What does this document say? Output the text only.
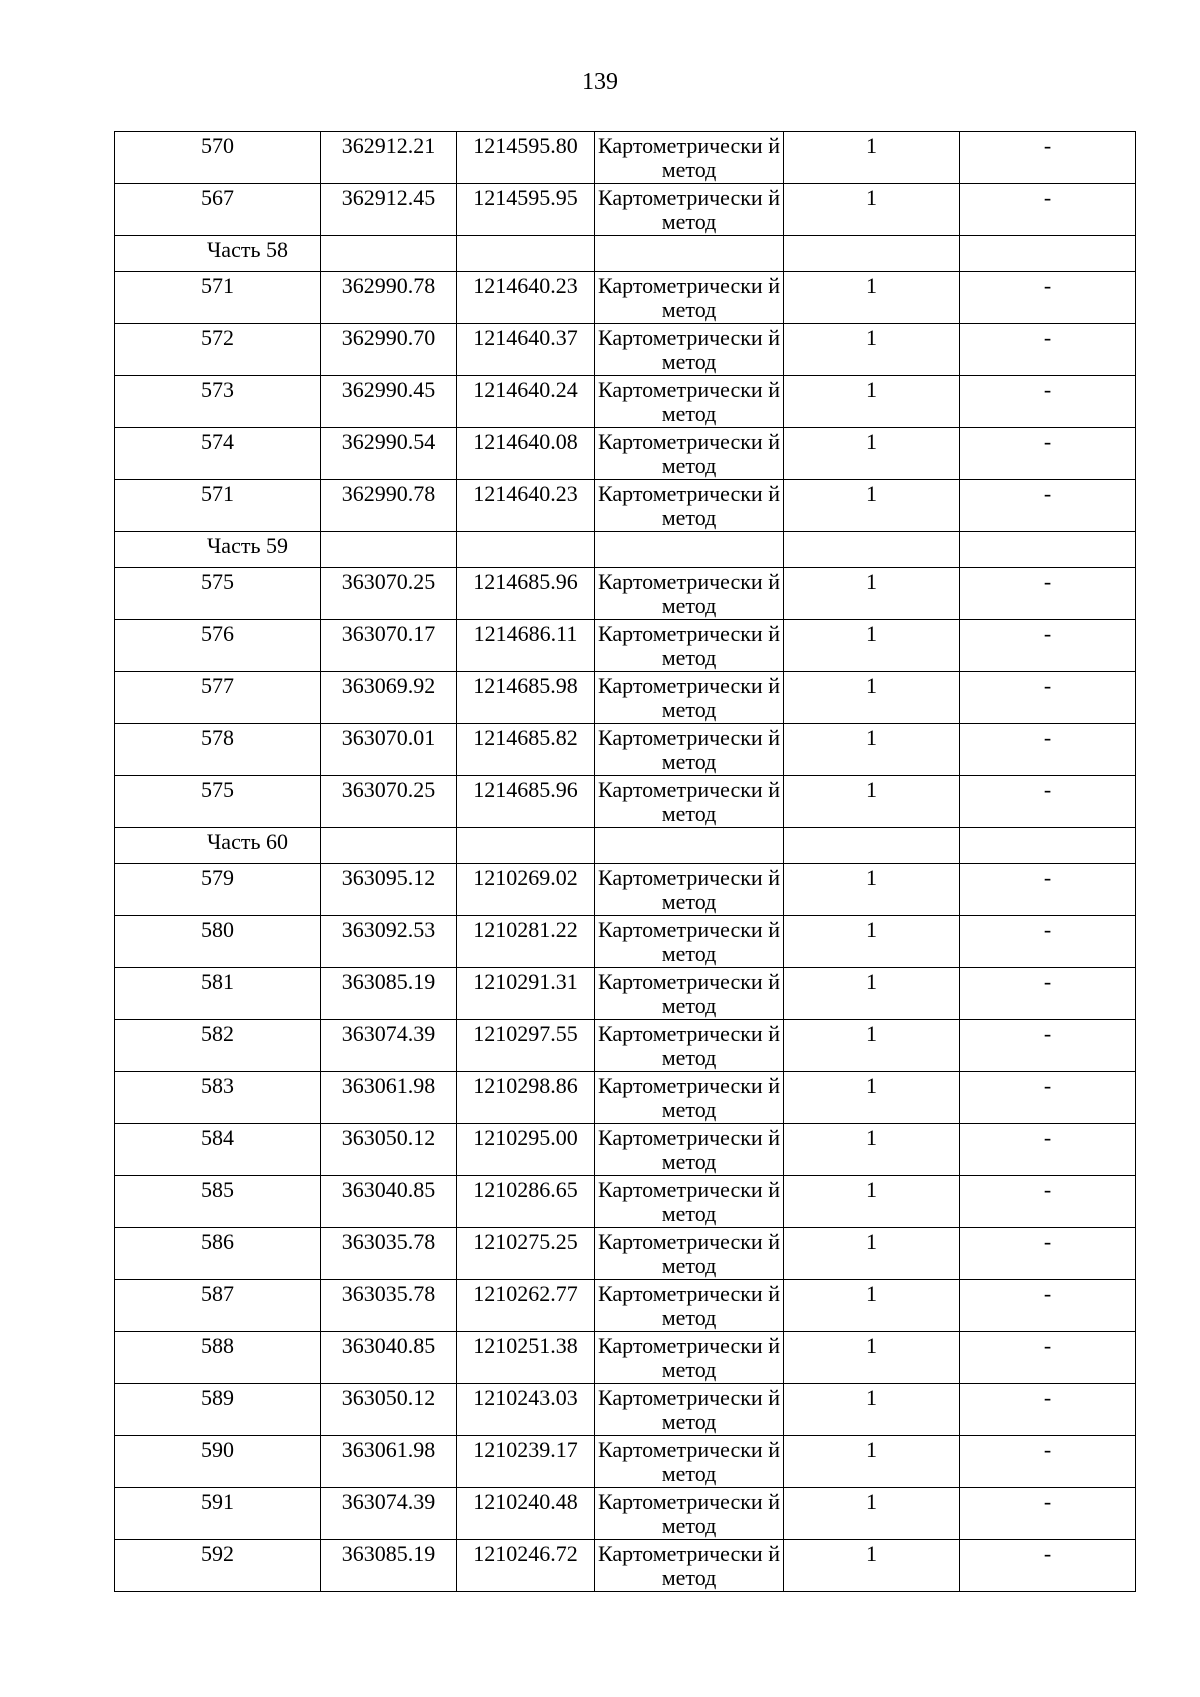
139
570	362912.21	1214595.80	Картометрически й метод	1	-
567	362912.45	1214595.95	Картометрически й метод	1	-
Часть 58					
571	362990.78	1214640.23	Картометрически й метод	1	-
572	362990.70	1214640.37	Картометрически й метод	1	-
573	362990.45	1214640.24	Картометрически й метод	1	-
574	362990.54	1214640.08	Картометрически й метод	1	-
571	362990.78	1214640.23	Картометрически й метод	1	-
Часть 59					
575	363070.25	1214685.96	Картометрически й метод	1	-
576	363070.17	1214686.11	Картометрически й метод	1	-
577	363069.92	1214685.98	Картометрически й метод	1	-
578	363070.01	1214685.82	Картометрически й метод	1	-
575	363070.25	1214685.96	Картометрически й метод	1	-
Часть 60					
579	363095.12	1210269.02	Картометрически й метод	1	-
580	363092.53	1210281.22	Картометрически й метод	1	-
581	363085.19	1210291.31	Картометрически й метод	1	-
582	363074.39	1210297.55	Картометрически й метод	1	-
583	363061.98	1210298.86	Картометрически й метод	1	-
584	363050.12	1210295.00	Картометрически й метод	1	-
585	363040.85	1210286.65	Картометрически й метод	1	-
586	363035.78	1210275.25	Картометрически й метод	1	-
587	363035.78	1210262.77	Картометрически й метод	1	-
588	363040.85	1210251.38	Картометрически й метод	1	-
589	363050.12	1210243.03	Картометрически й метод	1	-
590	363061.98	1210239.17	Картометрически й метод	1	-
591	363074.39	1210240.48	Картометрически й метод	1	-
592	363085.19	1210246.72	Картометрически й метод	1	-
